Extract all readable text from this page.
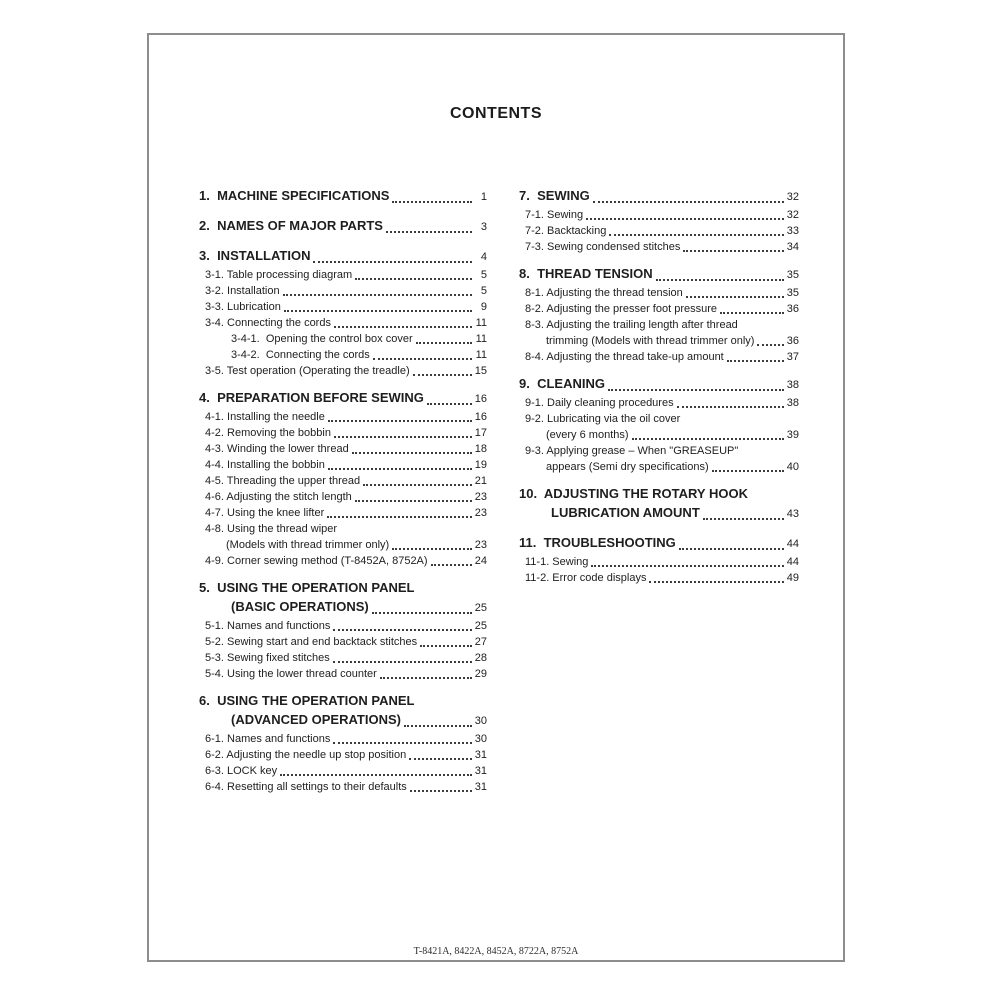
CONTENTS
1.  MACHINE SPECIFICATIONS	1
2.  NAMES OF MAJOR PARTS	3
3.  INSTALLATION	4
3-1. Table processing diagram	5
3-2. Installation	5
3-3. Lubrication	9
3-4. Connecting the cords	11
3-4-1.  Opening the control box cover	11
3-4-2.  Connecting the cords	11
3-5. Test operation (Operating the treadle)	15
4.  PREPARATION BEFORE SEWING	16
4-1. Installing the needle	16
4-2. Removing the bobbin	17
4-3. Winding the lower thread	18
4-4. Installing the bobbin	19
4-5. Threading the upper thread	21
4-6. Adjusting the stitch length	23
4-7. Using the knee lifter	23
4-8. Using the thread wiper
(Models with thread trimmer only)	23
4-9. Corner sewing method (T-8452A, 8752A)	24
5.  USING THE OPERATION PANEL
(BASIC OPERATIONS)	25
5-1. Names and functions	25
5-2. Sewing start and end backtack stitches	27
5-3. Sewing fixed stitches	28
5-4. Using the lower thread counter	29
6.  USING THE OPERATION PANEL
(ADVANCED OPERATIONS)	30
6-1. Names and functions	30
6-2. Adjusting the needle up stop position	31
6-3. LOCK key	31
6-4. Resetting all settings to their defaults	31
7.  SEWING	32
7-1. Sewing	32
7-2. Backtacking	33
7-3. Sewing condensed stitches	34
8.  THREAD TENSION	35
8-1. Adjusting the thread tension	35
8-2. Adjusting the presser foot pressure	36
8-3. Adjusting the trailing length after thread
trimming (Models with thread trimmer only)	36
8-4. Adjusting the thread take-up amount	37
9.  CLEANING	38
9-1. Daily cleaning procedures	38
9-2. Lubricating via the oil cover
(every 6 months)	39
9-3. Applying grease – When "GREASEUP"
appears (Semi dry specifications)	40
10.  ADJUSTING THE ROTARY HOOK
LUBRICATION AMOUNT	43
11.  TROUBLESHOOTING	44
11-1. Sewing	44
11-2. Error code displays	49
T-8421A, 8422A, 8452A, 8722A, 8752A
